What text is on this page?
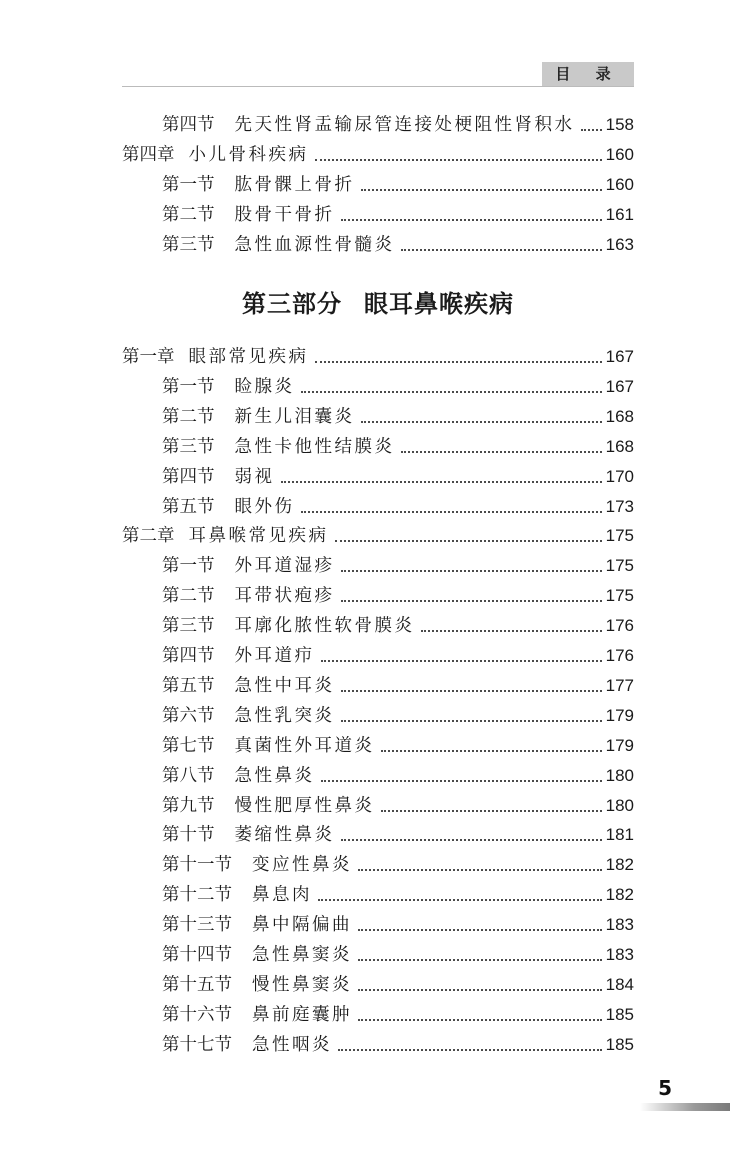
目 录
第四节 先天性肾盂输尿管连接处梗阻性肾积水 158
第四章 小儿骨科疾病	160
第一节 肱骨髁上骨折	160
第二节 股骨干骨折	161
第三节 急性血源性骨髓炎	163
第一章 眼部常见疾病	167
第一节 睑腺炎	167
第二节 新生儿泪囊炎	168
第三节 急性卡他性结膜炎	168
第四节 弱视	170
第五节 眼外伤	173
第二章 耳鼻喉常见疾病	175
第一节 外耳道湿疹	175
第二节 耳带状疱疹	175
第三节 耳廓化脓性软骨膜炎	176
第四节 外耳道疖	176
第五节 急性中耳炎	177
第六节 急性乳突炎	179
第七节 真菌性外耳道炎	179
第八节 急性鼻炎	180
第九节 慢性肥厚性鼻炎	180
第十节 萎缩性鼻炎	181
第十一节 变应性鼻炎	182
第十二节 鼻息肉	182
第十三节 鼻中隔偏曲	183
第十四节 急性鼻窦炎	183
第十五节 慢性鼻窦炎	184
第十六节 鼻前庭囊肿	185
第十七节 急性咽炎	185
第三部分 眼耳鼻喉疾病
5
